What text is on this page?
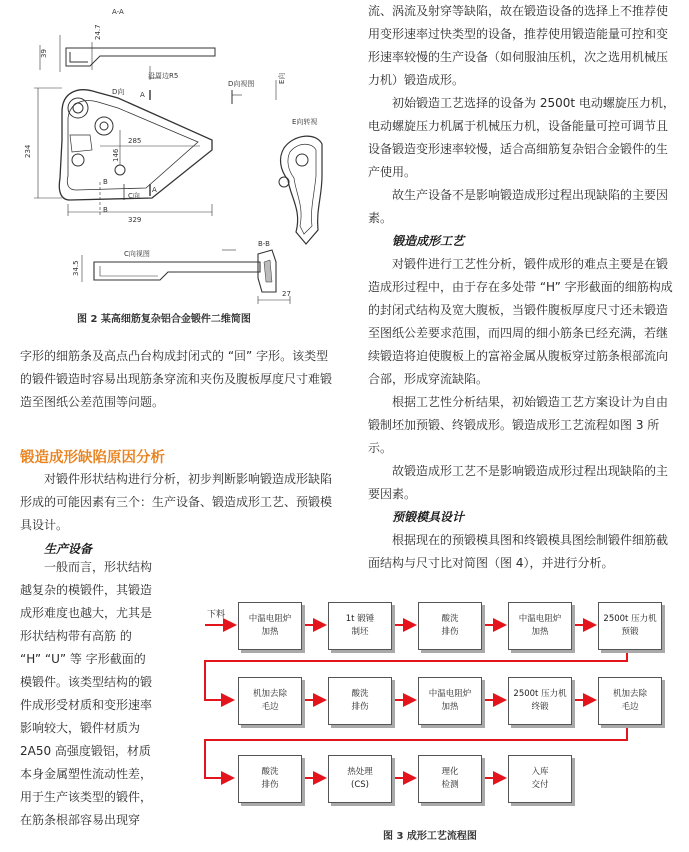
A-A
24.7
39
沿周边R5
D向
D向视图	E向
E向转视
234
285
146
329
C向
C向视图
A
A
B
B
B-B
34.5
27
图 2 某高细筋复杂铝合金锻件二维简图

字形的细筋条及高点凸台构成封闭式的 “回” 字形。该类型的锻件锻造时容易出现筋条穿流和夹伤及腹板厚度尺寸难锻造至图纸公差范围等问题。

锻造成形缺陷原因分析

对锻件形状结构进行分析，初步判断影响锻造成形缺陷形成的可能因素有三个：生产设备、锻造成形工艺、预锻模具设计。

生产设备

一般而言，形状结构越复杂的模锻件，其锻造成形难度也越大，尤其是形状结构带有高筋 的 “H” “U” 等 字形截面的模锻件。该类型结构的锻件成形受材质和变形速率影响较大，锻件材质为 2A50 高强度锻铝，材质本身金属塑性流动性差，用于生产该类型的锻件，在筋条根部容易出现穿

流、涡流及射穿等缺陷，故在锻造设备的选择上不推荐使用变形速率过快类型的设备，推荐使用锻造能量可控和变形速率较慢的生产设备（如伺服油压机，次之选用机械压力机）锻造成形。

初始锻造工艺选择的设备为 2500t 电动螺旋压力机，电动螺旋压力机属于机械压力机，设备能量可控可调节且设备锻造变形速率较慢，适合高细筋复杂铝合金锻件的生产使用。

故生产设备不是影响锻造成形过程出现缺陷的主要因素。

锻造成形工艺

对锻件进行工艺性分析，锻件成形的难点主要是在锻造成形过程中，由于存在多处带 “H” 字形截面的细筋构成的封闭式结构及宽大腹板，当锻件腹板厚度尺寸还未锻造至图纸公差要求范围，而四周的细小筋条已经充满，若继续锻造将迫使腹板上的富裕金属从腹板穿过筋条根部流向合部，形成穿流缺陷。

根据工艺性分析结果，初始锻造工艺方案设计为自由锻制坯加预锻、终锻成形。锻造成形工艺流程如图 3 所示。

故锻造成形工艺不是影响锻造成形过程出现缺陷的主要因素。

预锻模具设计

根据现在的预锻模具图和终锻模具图绘制锻件细筋截面结构与尺寸比对简图（图 4），并进行分析。

下料	中温电阻炉
加热
1t 锻锤
制坯
酸洗
排伤
中温电阻炉
加热
2500t 压力机
预锻
机加去除
毛边
酸洗
排伤
中温电阻炉
加热
2500t 压力机
终锻
机加去除
毛边
酸洗
排伤
热处理
(CS)
理化
检测
入库
交付
图 3 成形工艺流程图
